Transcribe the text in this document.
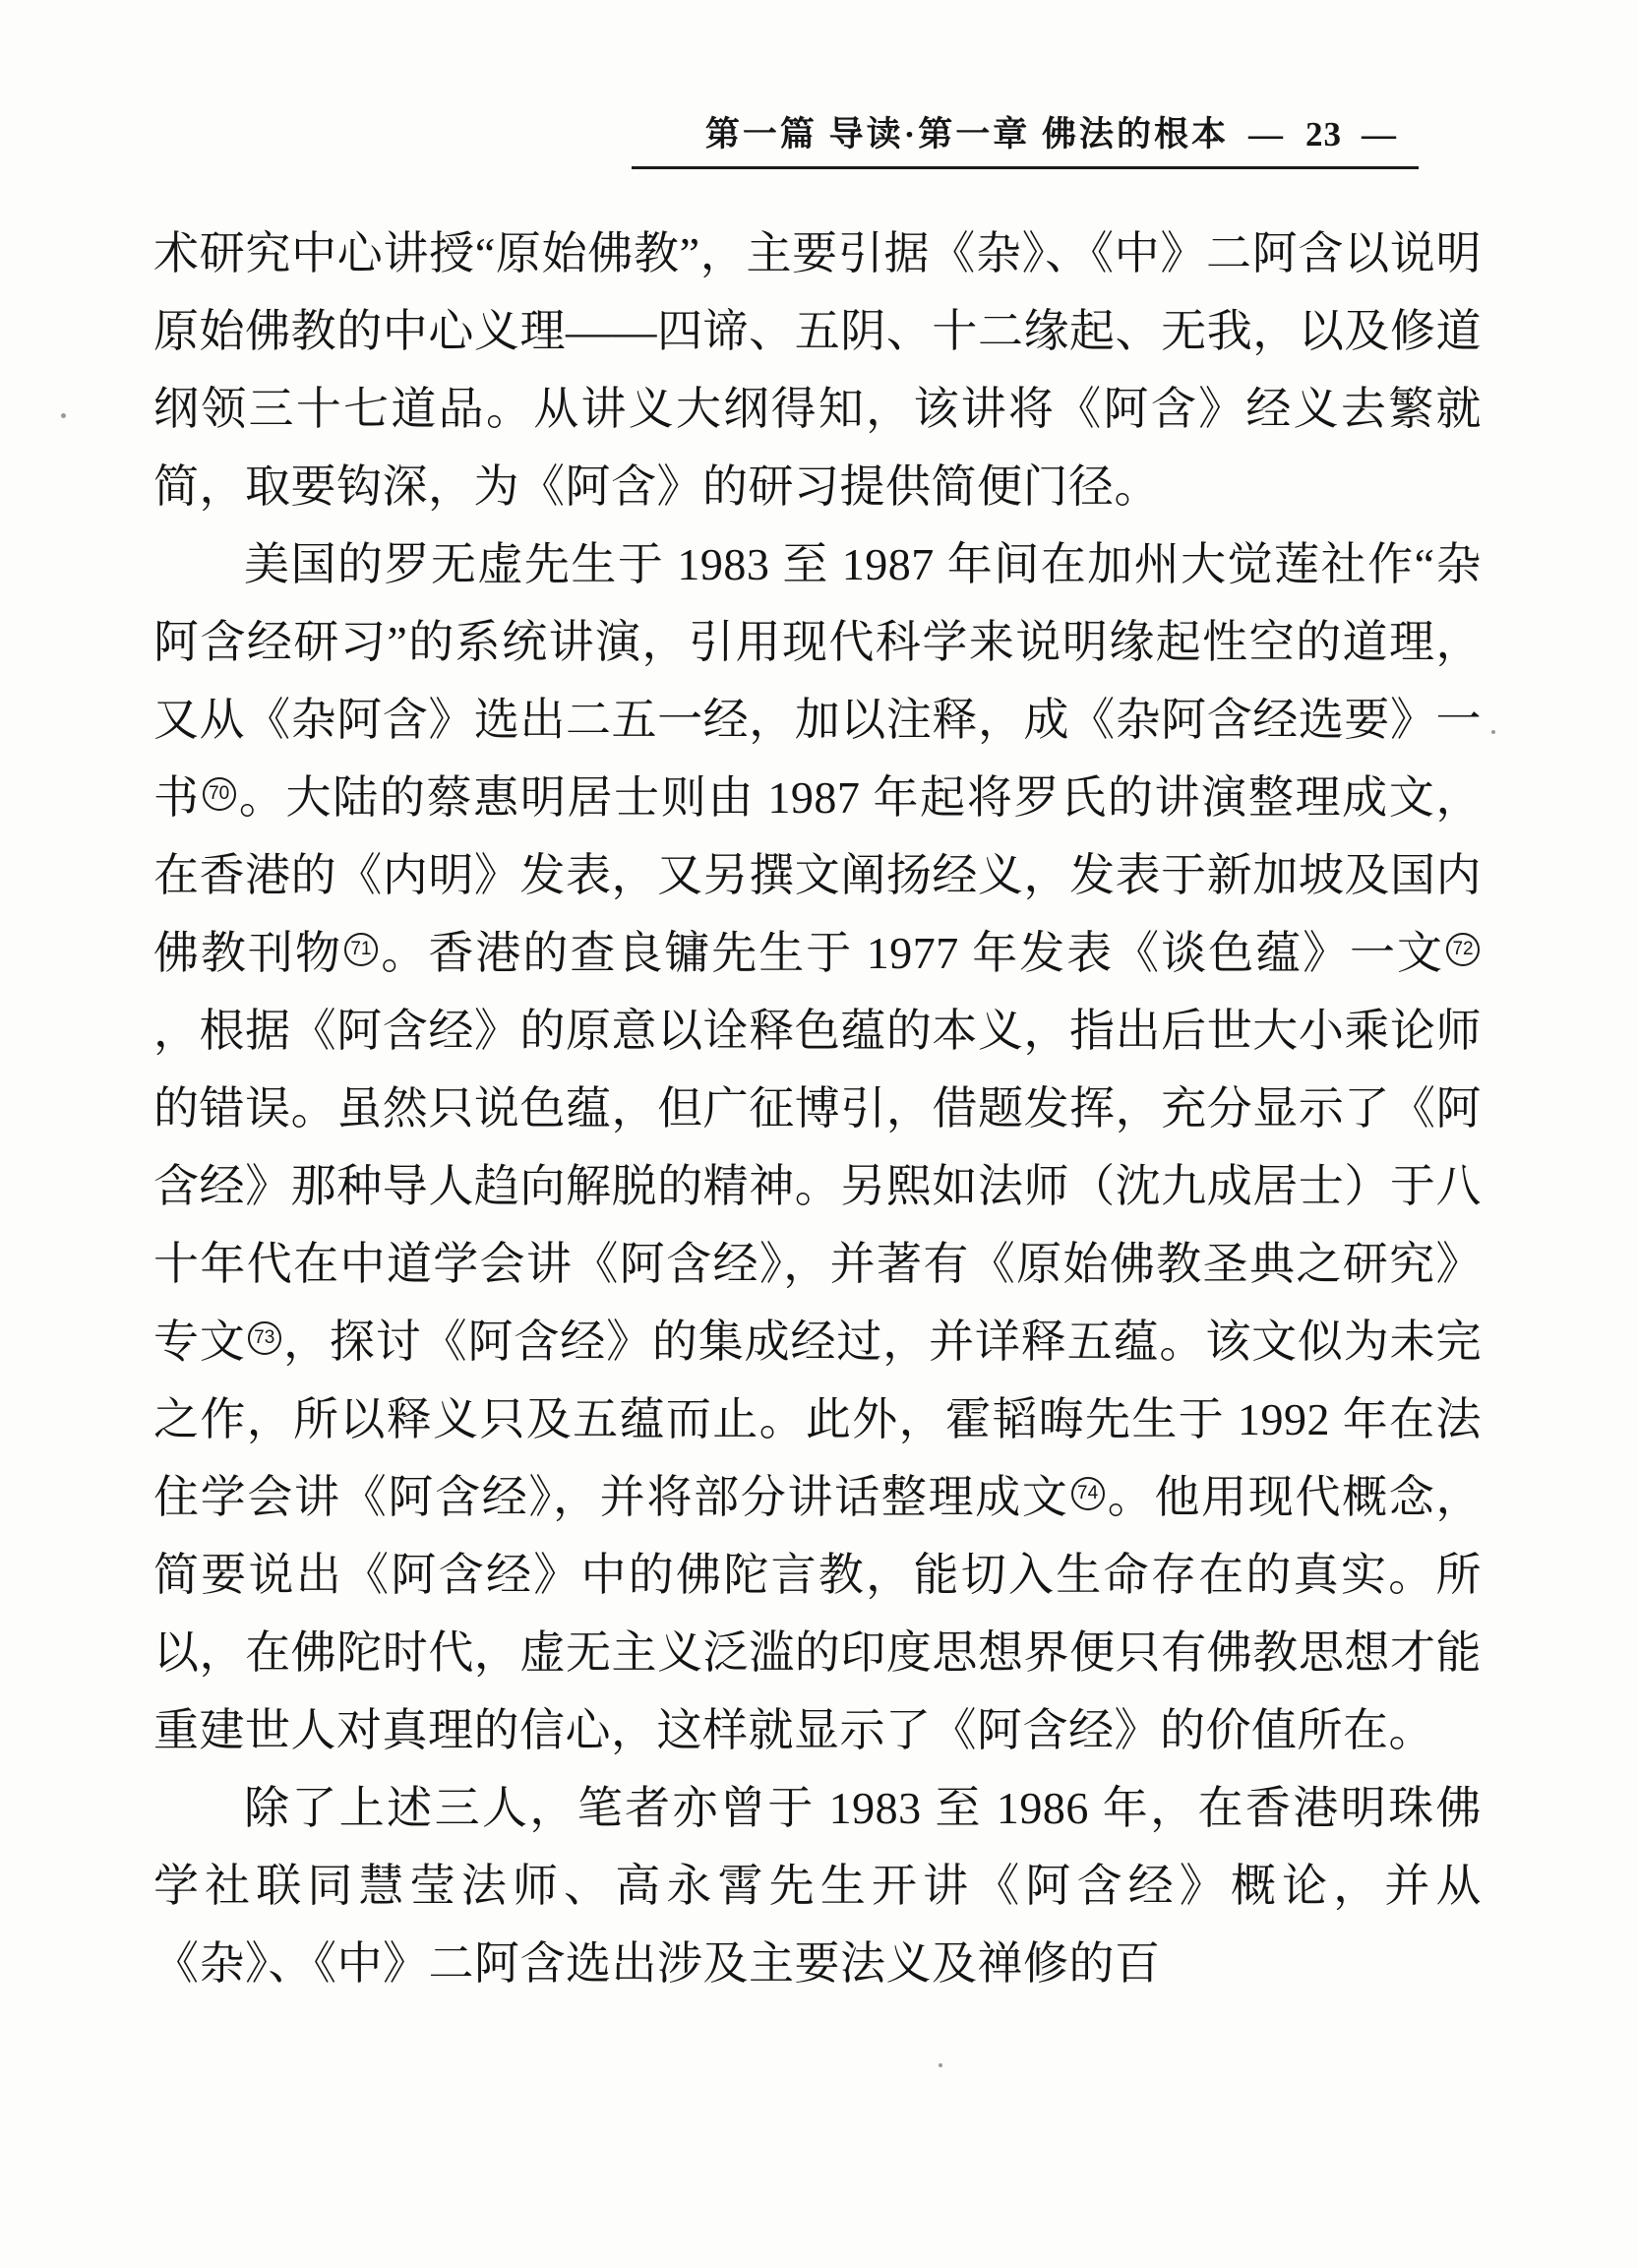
第一篇 导读·第一章 佛法的根本 — 23 —

术研究中心讲授“原始佛教”，主要引据《杂》、《中》二阿含以说明原始佛教的中心义理——四谛、五阴、十二缘起、无我，以及修道纲领三十七道品。从讲义大纲得知，该讲将《阿含》经义去繁就简，取要钩深，为《阿含》的研习提供简便门径。

美国的罗无虚先生于 1983 至 1987 年间在加州大觉莲社作“杂阿含经研习”的系统讲演，引用现代科学来说明缘起性空的道理，又从《杂阿含》选出二五一经，加以注释，成《杂阿含经选要》一书 70 。大陆的蔡惠明居士则由 1987 年起将罗氏的讲演整理成文，在香港的《内明》发表，又另撰文阐扬经义，发表于新加坡及国内佛教刊物 71 。香港的查良镛先生于 1977 年发表《谈色蕴》一文 72，根据《阿含经》的原意以诠释色蕴的本义，指出后世大小乘论师的错误。虽然只说色蕴，但广征博引，借题发挥，充分显示了《阿含经》那种导人趋向解脱的精神。另熙如法师（沈九成居士）于八十年代在中道学会讲《阿含经》，并著有《原始佛教圣典之研究》专文 73 ，探讨《阿含经》的集成经过，并详释五蕴。该文似为未完之作，所以释义只及五蕴而止。此外，霍韬晦先生于 1992 年在法住学会讲《阿含经》，并将部分讲话整理成文 74 。他用现代概念，简要说出《阿含经》中的佛陀言教，能切入生命存在的真实。所以，在佛陀时代，虚无主义泛滥的印度思想界便只有佛教思想才能重建世人对真理的信心，这样就显示了《阿含经》的价值所在。

除了上述三人，笔者亦曾于 1983 至 1986 年，在香港明珠佛学社联同慧莹法师、高永霄先生开讲《阿含经》概论，并从《杂》、《中》二阿含选出涉及主要法义及禅修的百
